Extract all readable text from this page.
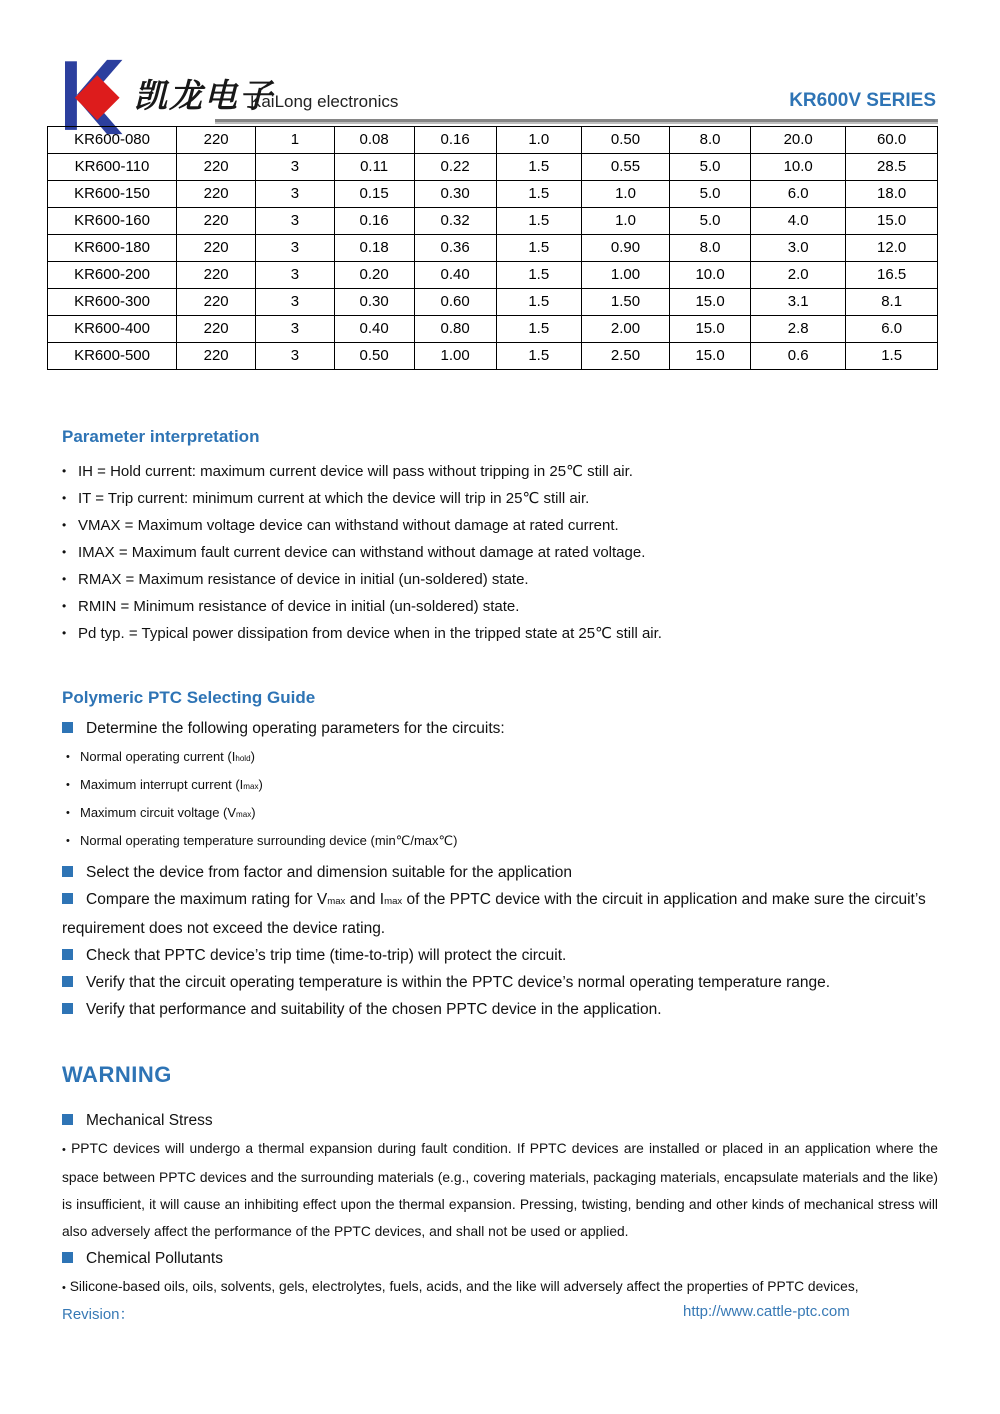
凯龙电子
KaiLong electronics	KR600V SERIES
KR600-080	220	1	0.08	0.16	1.0	0.50	8.0	20.0	60.0
KR600-110	220	3	0.11	0.22	1.5	0.55	5.0	10.0	28.5
KR600-150	220	3	0.15	0.30	1.5	1.0	5.0	6.0	18.0
KR600-160	220	3	0.16	0.32	1.5	1.0	5.0	4.0	15.0
KR600-180	220	3	0.18	0.36	1.5	0.90	8.0	3.0	12.0
KR600-200	220	3	0.20	0.40	1.5	1.00	10.0	2.0	16.5
KR600-300	220	3	0.30	0.60	1.5	1.50	15.0	3.1	8.1
KR600-400	220	3	0.40	0.80	1.5	2.00	15.0	2.8	6.0
KR600-500	220	3	0.50	1.00	1.5	2.50	15.0	0.6	1.5
Parameter interpretation
• IH = Hold current: maximum current device will pass without tripping in 25℃ still air.
• IT = Trip current: minimum current at which the device will trip in 25℃ still air.
• VMAX = Maximum voltage device can withstand without damage at rated current.
• IMAX = Maximum fault current device can withstand without damage at rated voltage.
• RMAX = Maximum resistance of device in initial (un-soldered) state.
• RMIN = Minimum resistance of device in initial (un-soldered) state.
• Pd typ. = Typical power dissipation from device when in the tripped state at 25℃ still air.
Polymeric PTC Selecting Guide
Determine the following operating parameters for the circuits:
• Normal operating current (Ihold)
• Maximum interrupt current (Imax)
• Maximum circuit voltage (Vmax)
• Normal operating temperature surrounding device (min℃/max℃)
Select the device from factor and dimension suitable for the application
Compare the maximum rating for Vmax and Imax of the PPTC device with the circuit in application and make sure the circuit’s requirement does not exceed the device rating.
Check that PPTC device’s trip time (time-to-trip) will protect the circuit.
Verify that the circuit operating temperature is within the PPTC device’s normal operating temperature range.
Verify that performance and suitability of the chosen PPTC device in the application.
WARNING
Mechanical Stress
• PPTC devices will undergo a thermal expansion during fault condition. If PPTC devices are installed or placed in an application where the space between PPTC devices and the surrounding materials (e.g., covering materials, packaging materials, encapsulate materials and the like) is insufficient, it will cause an inhibiting effect upon the thermal expansion. Pressing, twisting, bending and other kinds of mechanical stress will also adversely affect the performance of the PPTC devices, and shall not be used or applied.
Chemical Pollutants
• Silicone-based oils, oils, solvents, gels, electrolytes, fuels, acids, and the like will adversely affect the properties of PPTC devices,
Revision：	http://www.cattle-ptc.com
